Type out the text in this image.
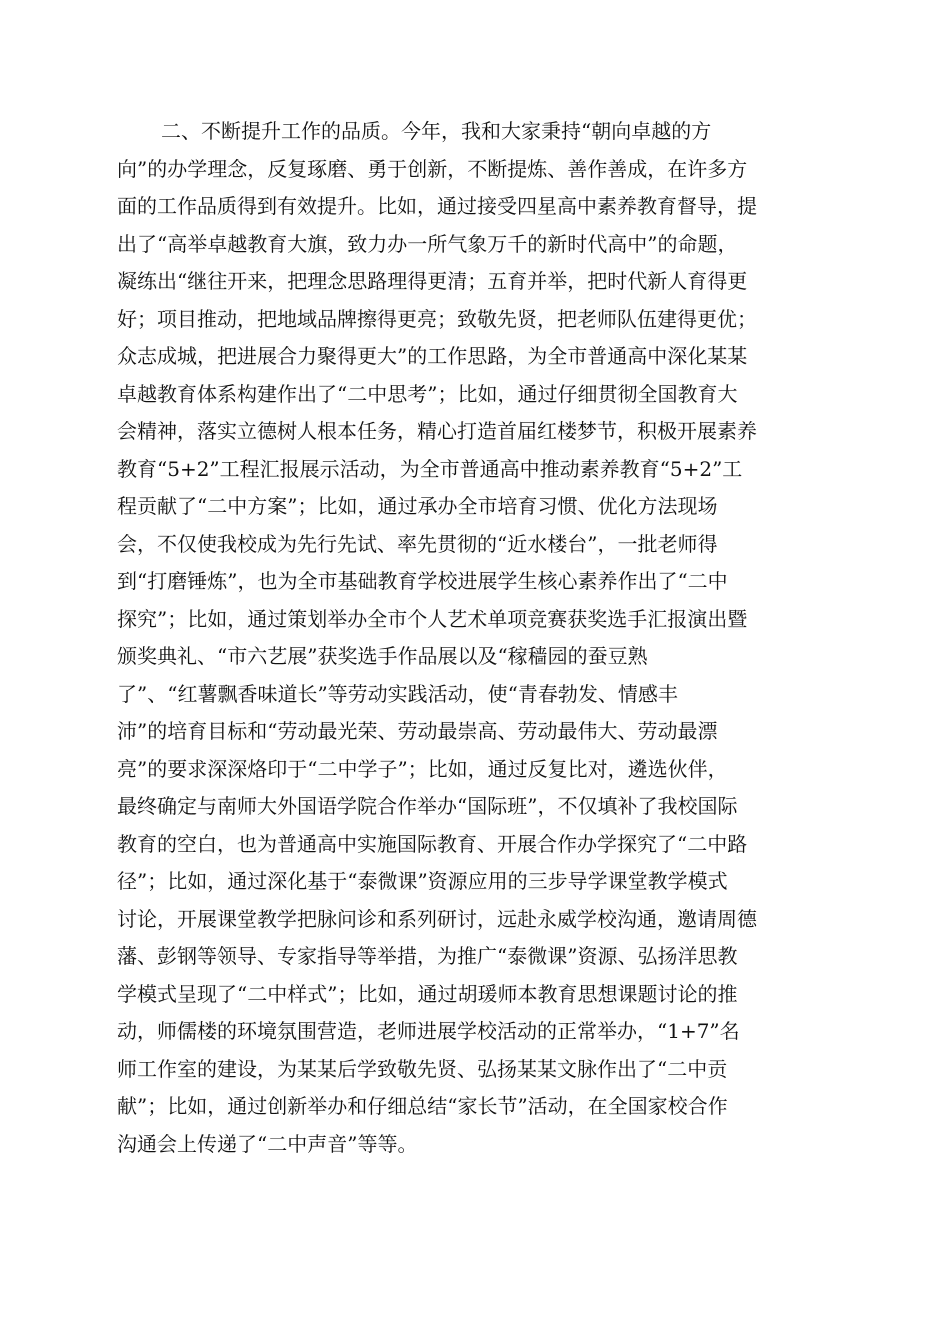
二、不断提升工作的品质。今年，我和大家秉持“朝向卓越的方
向”的办学理念，反复琢磨、勇于创新，不断提炼、善作善成，在许多方
面的工作品质得到有效提升。比如，通过接受四星高中素养教育督导，提
出了“高举卓越教育大旗，致力办一所气象万千的新时代高中”的命题，
凝练出“继往开来，把理念思路理得更清；五育并举，把时代新人育得更
好；项目推动，把地域品牌擦得更亮；致敬先贤，把老师队伍建得更优；
众志成城，把进展合力聚得更大”的工作思路，为全市普通高中深化某某
卓越教育体系构建作出了“二中思考”；比如，通过仔细贯彻全国教育大
会精神，落实立德树人根本任务，精心打造首届红楼梦节，积极开展素养
教育“5+2”工程汇报展示活动，为全市普通高中推动素养教育“5+2”工
程贡献了“二中方案”；比如，通过承办全市培育习惯、优化方法现场
会，不仅使我校成为先行先试、率先贯彻的“近水楼台”，一批老师得
到“打磨锤炼”，也为全市基础教育学校进展学生核心素养作出了“二中
探究”；比如，通过策划举办全市个人艺术单项竞赛获奖选手汇报演出暨
颁奖典礼、“市六艺展”获奖选手作品展以及“稼穑园的蚕豆熟
了”、“红薯飘香味道长”等劳动实践活动，使“青春勃发、情感丰
沛”的培育目标和“劳动最光荣、劳动最崇高、劳动最伟大、劳动最漂
亮”的要求深深烙印于“二中学子”；比如，通过反复比对，遴选伙伴，
最终确定与南师大外国语学院合作举办“国际班”，不仅填补了我校国际
教育的空白，也为普通高中实施国际教育、开展合作办学探究了“二中路
径”；比如，通过深化基于“泰微课”资源应用的三步导学课堂教学模式
讨论，开展课堂教学把脉问诊和系列研讨，远赴永威学校沟通，邀请周德
藩、彭钢等领导、专家指导等举措，为推广“泰微课”资源、弘扬洋思教
学模式呈现了“二中样式”；比如，通过胡瑗师本教育思想课题讨论的推
动，师儒楼的环境氛围营造，老师进展学校活动的正常举办，“1+7”名
师工作室的建设，为某某后学致敬先贤、弘扬某某文脉作出了“二中贡
献”；比如，通过创新举办和仔细总结“家长节”活动，在全国家校合作
沟通会上传递了“二中声音”等等。
